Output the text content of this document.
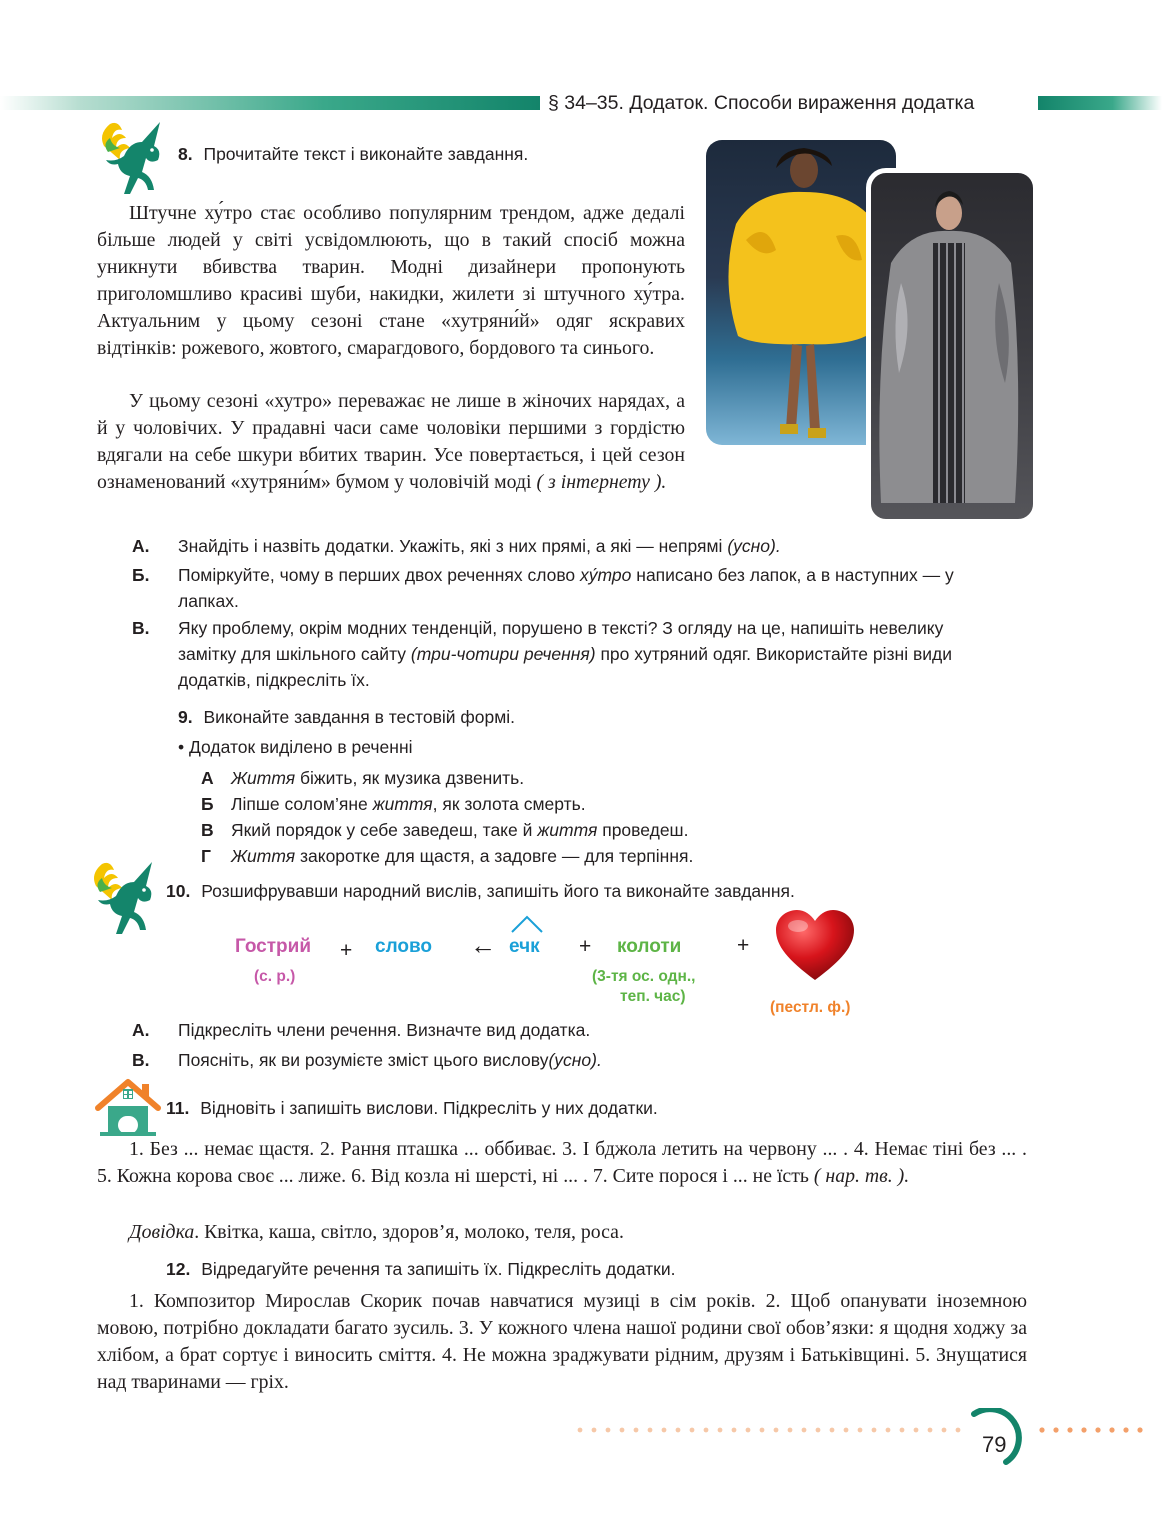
§ 34–35. Додаток. Способи вираження додатка
8. Прочитайте текст і виконайте завдання.
Штучне ху́тро стає особливо популярним трендом, адже дедалі більше людей у світі усвідомлюють, що в такий спосіб можна уникнути вбивства тварин. Модні дизайнери пропонують приголомшливо красиві шуби, накидки, жилети зі штучного ху́тра. Актуальним у цьому сезоні стане «хутряни́й» одяг яскравих відтінків: рожевого, жовтого, смарагдового, бордового та синього.
У цьому сезоні «хутро» переважає не лише в жіночих нарядах, а й у чоловічих. У прадавні часи саме чоловіки першими з гордістю вдягали на себе шкури вбитих тварин. Усе повертається, і цей сезон ознаменований «хутряни́м» бумом у чоловічій моді ( з інтернету ).
А. Знайдіть і назвіть додатки. Укажіть, які з них прямі, а які — непрямі (усно).
Б. Поміркуйте, чому в перших двох реченнях слово ху́тро написано без лапок, а в наступних — у лапках.
В. Яку проблему, окрім модних тенденцій, порушено в тексті? З огляду на це, напишіть невелику замітку для шкільного сайту (три-чотири речення) про хутряний одяг. Використайте різні види додатків, підкресліть їх.
9. Виконайте завдання в тестовій формі.
• Додаток виділено в реченні
А Життя біжить, як музика дзвенить.
Б Ліпше солом’яне життя, як золота смерть.
В Який порядок у себе заведеш, таке й життя проведеш.
Г Життя закоротке для щастя, а задовге — для терпіння.
10. Розшифрувавши народний вислів, запишіть його та виконайте завдання.
Гострий
(с. р.)
+ слово ← ечк + колоти
(3-тя ос. одн.,
теп. час)
+
(пестл. ф.)
А. Підкресліть члени речення. Визначте вид додатка.
В. Поясніть, як ви розумієте зміст цього вислову(усно).
11. Відновіть і запишіть вислови. Підкресліть у них додатки.
1. Без ... немає щастя. 2. Рання пташка ... оббиває. 3. І бджола летить на червону ... . 4. Немає тіні без ... . 5. Кожна корова своє ... лиже. 6. Від козла ні шерсті, ні ... . 7. Сите порося і ... не їсть ( нар. тв. ).
Довідка. Квітка, каша, світло, здоров’я, молоко, теля, роса.
12. Відредагуйте речення та запишіть їх. Підкресліть додатки.
1. Композитор Мирослав Скорик почав навчатися музиці в сім років. 2. Щоб опанувати іноземною мовою, потрібно докладати багато зусиль. 3. У кожного члена нашої родини свої обов’язки: я щодня ходжу за хлібом, а брат сортує і виносить сміття. 4. Не можна зраджувати рідним, друзям і Батьківщині. 5. Знущатися над тваринами — гріх.
79
